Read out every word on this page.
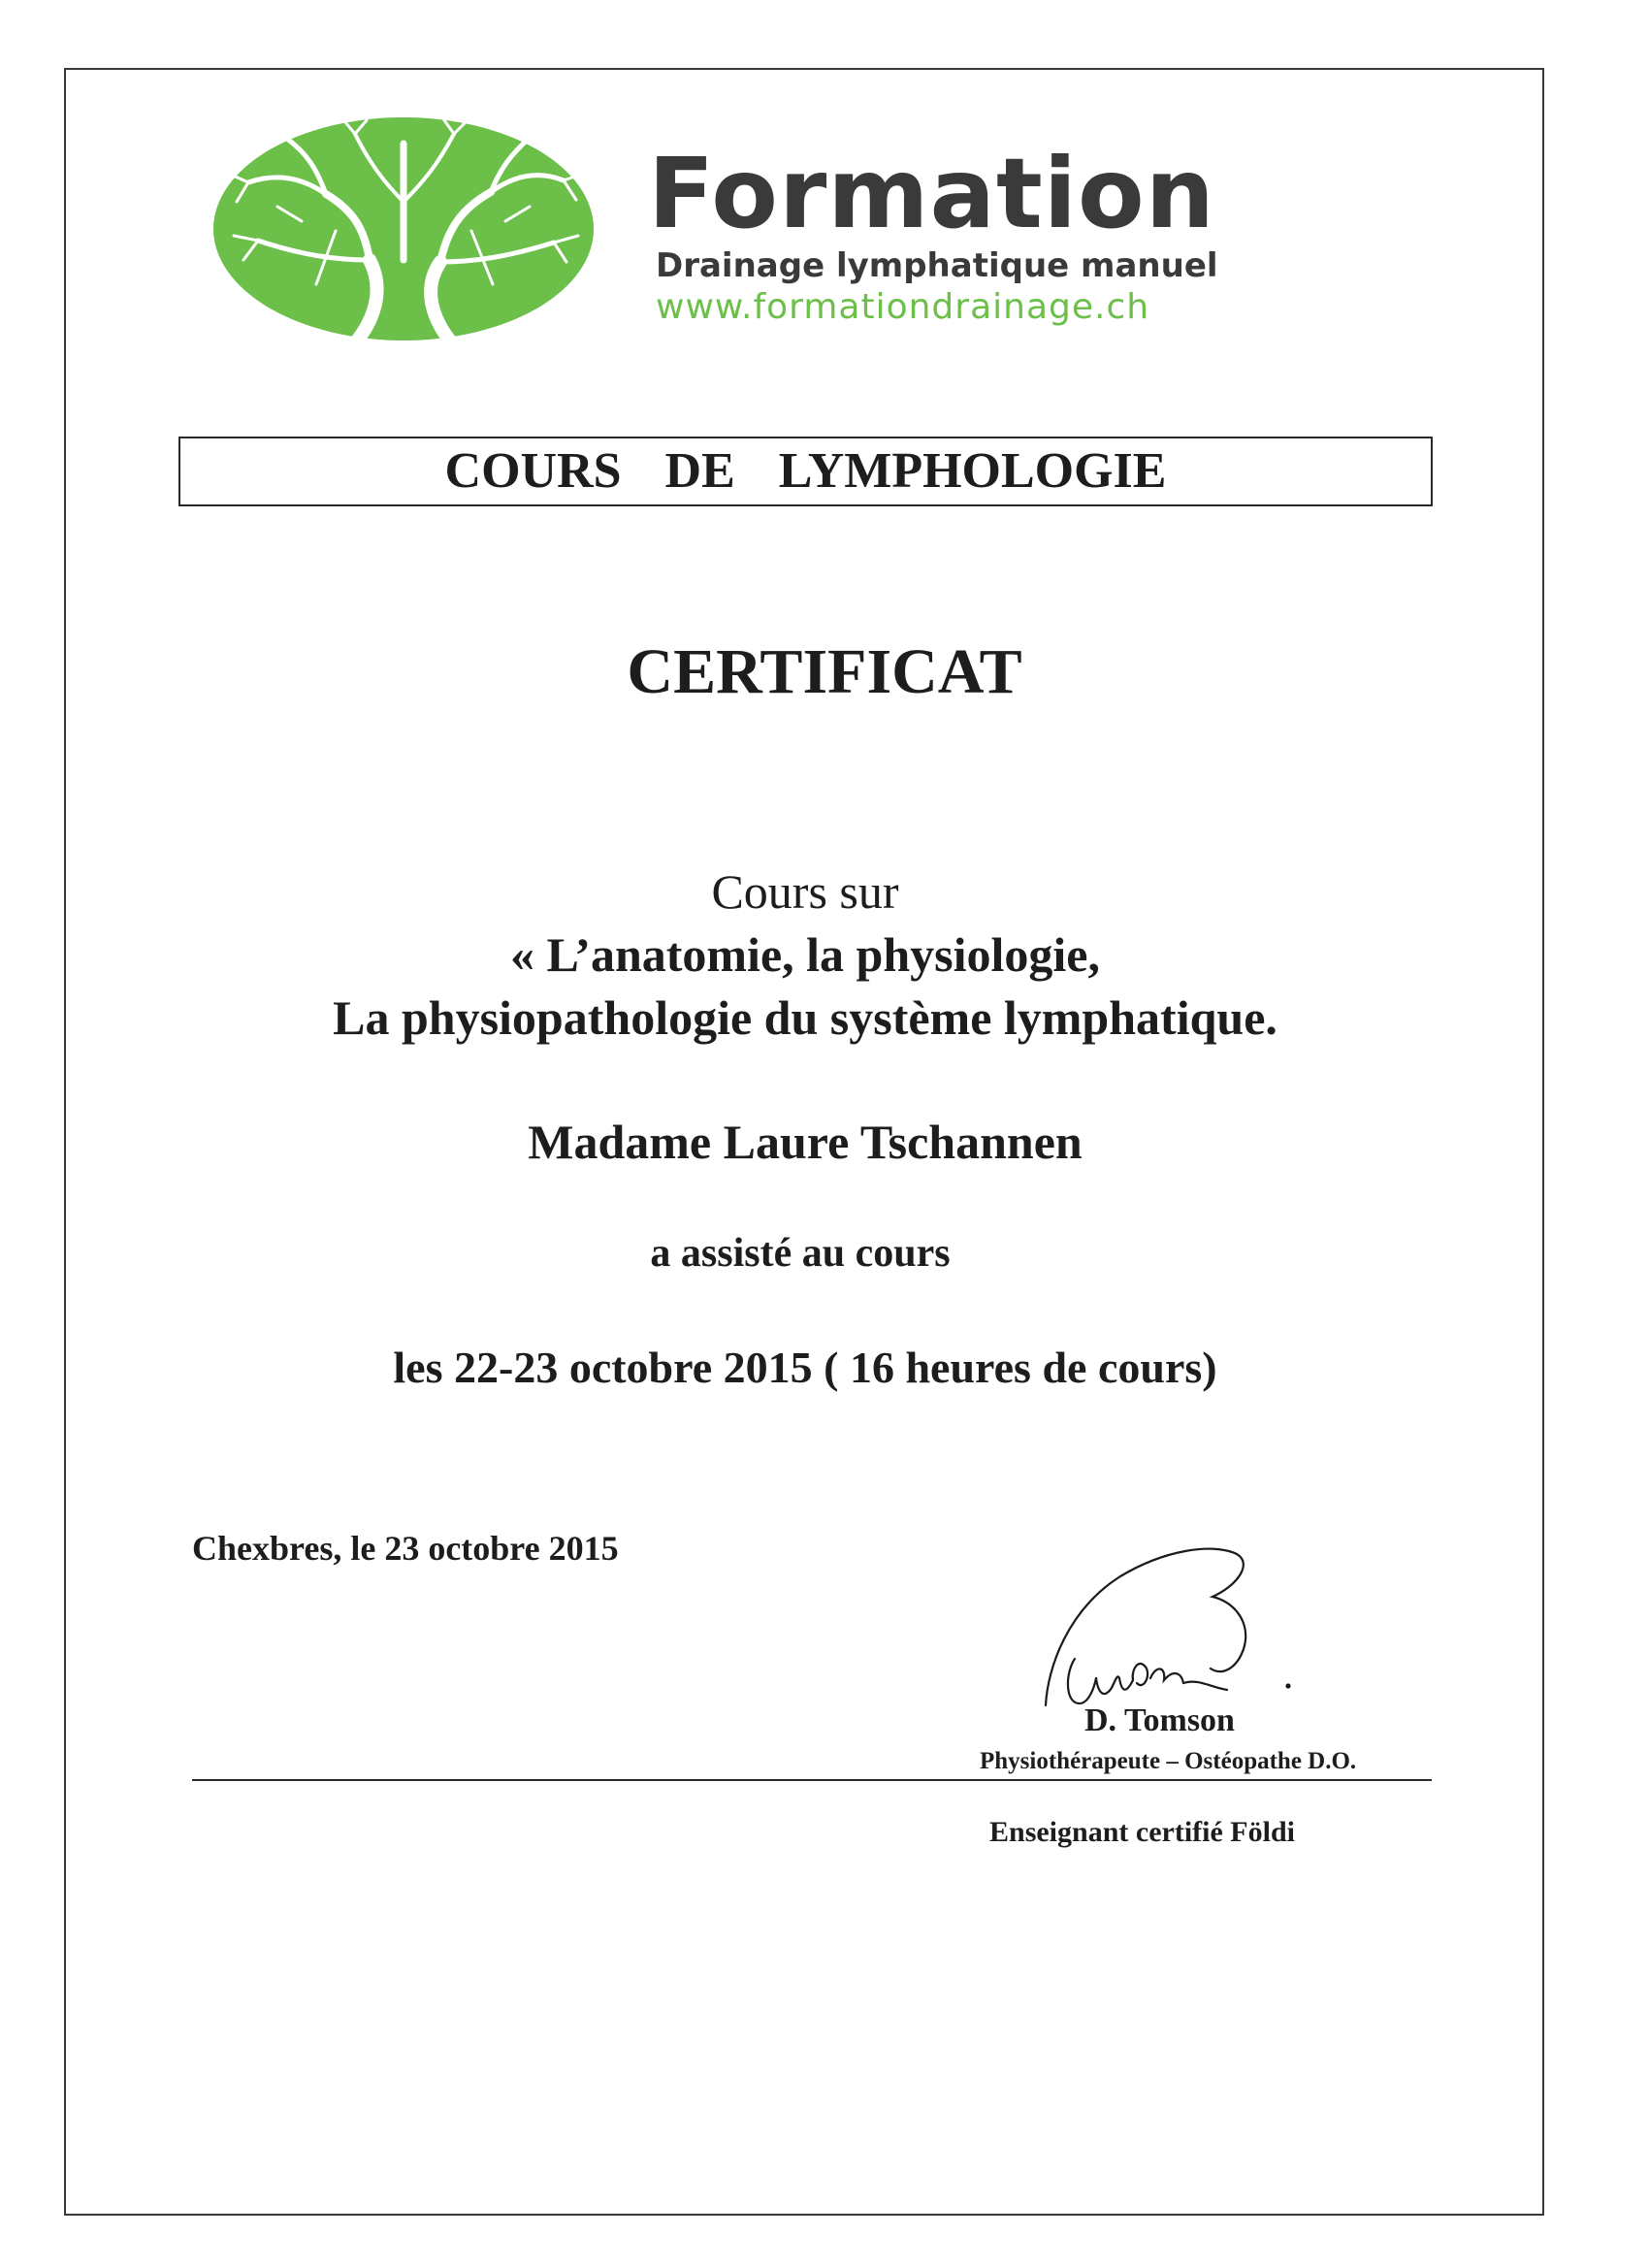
Formation
Drainage lymphatique manuel
www.formationdrainage.ch
COURS DE LYMPHOLOGIE
CERTIFICAT
Cours sur
« L’anatomie, la physiologie,
La physiopathologie du système lymphatique.
Madame Laure Tschannen
a assisté au cours
les 22-23 octobre 2015 ( 16 heures de cours)
Chexbres, le 23 octobre 2015
D. Tomson
Physiothérapeute – Ostéopathe D.O.
Enseignant certifié Földi
